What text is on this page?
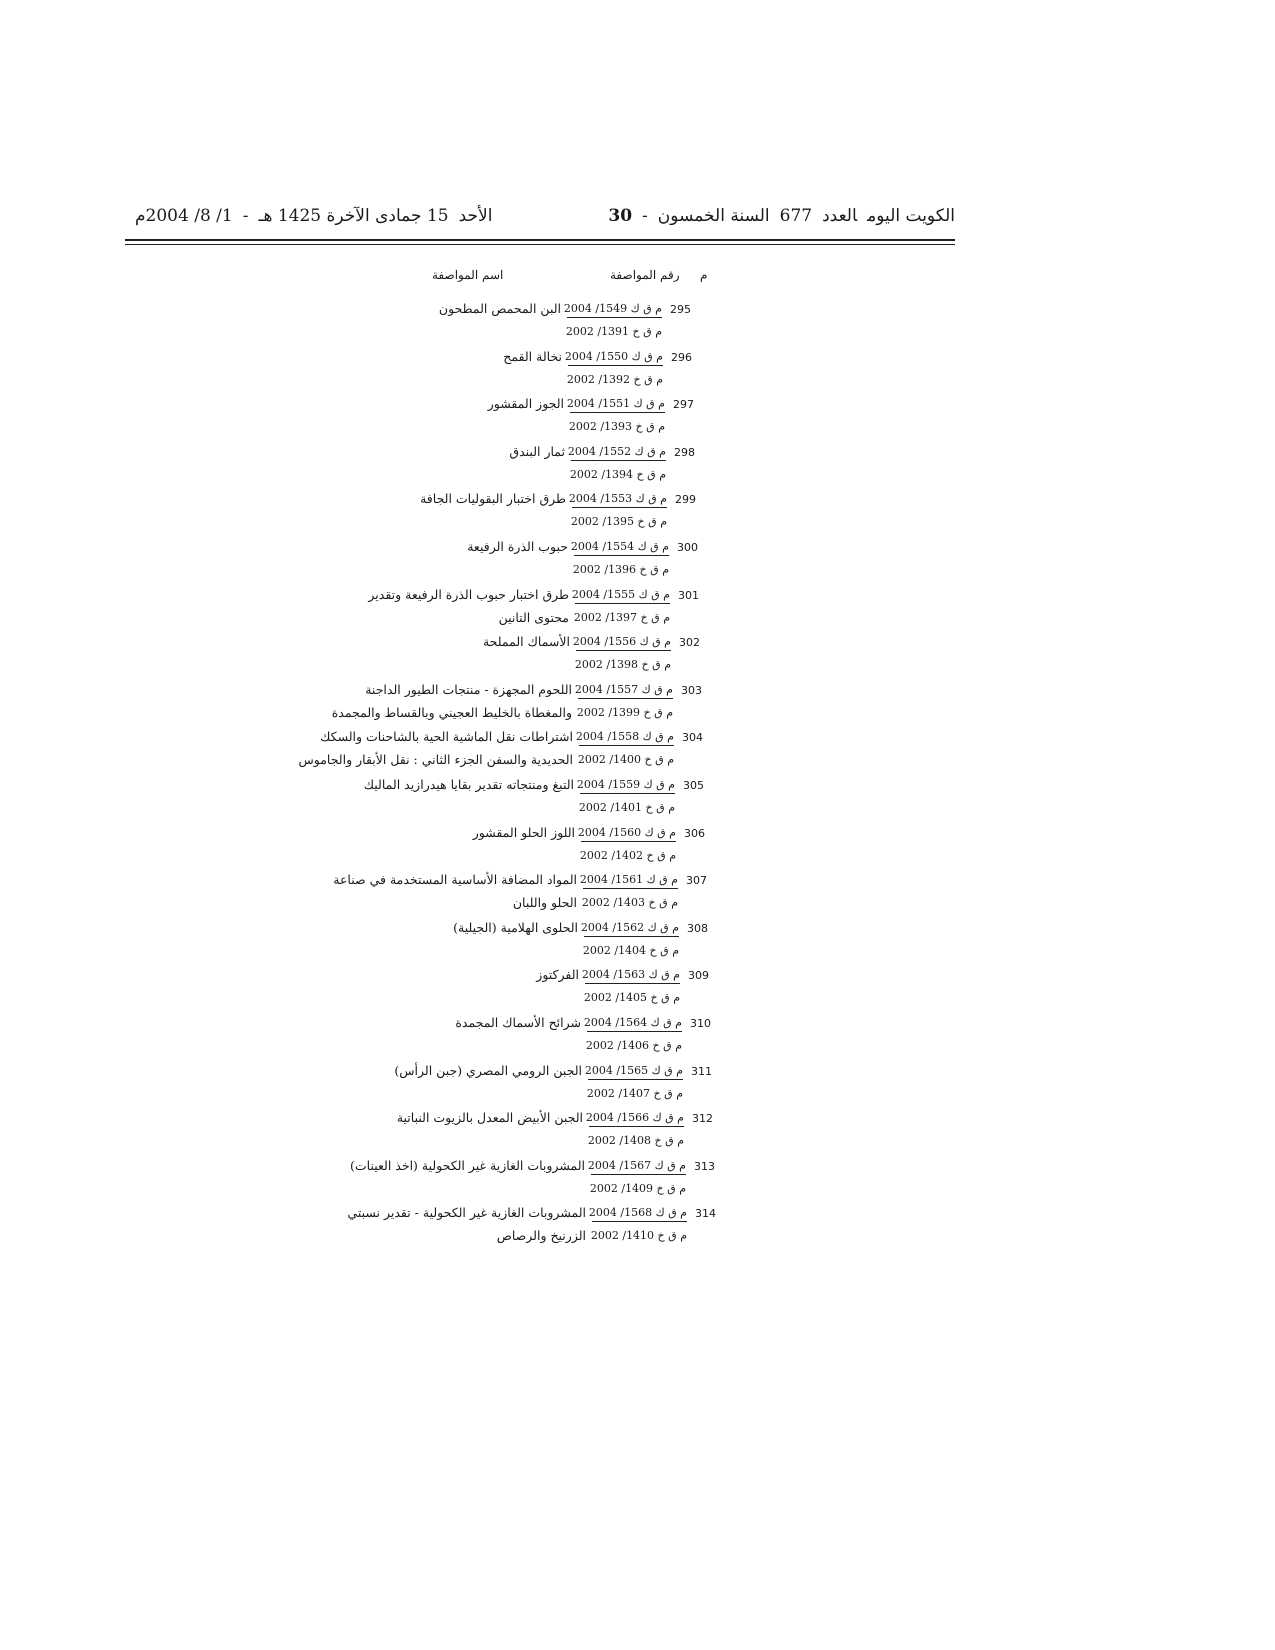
الكويت اليومالعدد677السنة الخمسون-30
الأحد15 جمادى الآخرة 1425 هـ-1/ 8/ 2004م
م
رقم المواصفة
اسم المواصفة
295
م ق ك 1549/ 2004
م ق خ 1391/ 2002
البن المحمص المطحون
296
م ق ك 1550/ 2004
م ق خ 1392/ 2002
نخالة القمح
297
م ق ك 1551/ 2004
م ق خ 1393/ 2002
الجوز المقشور
298
م ق ك 1552/ 2004
م ق خ 1394/ 2002
ثمار البندق
299
م ق ك 1553/ 2004
م ق خ 1395/ 2002
طرق اختبار البقوليات الجافة
300
م ق ك 1554/ 2004
م ق خ 1396/ 2002
حبوب الذرة الرفيعة
301
م ق ك 1555/ 2004
م ق خ 1397/ 2002
طرق اختبار حبوب الذرة الرفيعة وتقدير
محتوى التانين
302
م ق ك 1556/ 2004
م ق خ 1398/ 2002
الأسماك المملحة
303
م ق ك 1557/ 2004
م ق خ 1399/ 2002
اللحوم المجهزة - منتجات الطيور الداجنة
والمغطاة بالخليط العجيني وبالقساط والمجمدة
304
م ق ك 1558/ 2004
م ق خ 1400/ 2002
اشتراطات نقل الماشية الحية بالشاحنات والسكك
الحديدية والسفن الجزء الثاني : نقل الأبقار والجاموس
305
م ق ك 1559/ 2004
م ق خ 1401/ 2002
التبغ ومنتجاته تقدير بقايا هيدرازيد الماليك
306
م ق ك 1560/ 2004
م ق خ 1402/ 2002
اللوز الحلو المقشور
307
م ق ك 1561/ 2004
م ق خ 1403/ 2002
المواد المضافة الأساسية المستخدمة في صناعة
الحلو واللبان
308
م ق ك 1562/ 2004
م ق خ 1404/ 2002
الحلوى الهلامية (الجيلية)
309
م ق ك 1563/ 2004
م ق خ 1405/ 2002
الفركتوز
310
م ق ك 1564/ 2004
م ق خ 1406/ 2002
شرائح الأسماك المجمدة
311
م ق ك 1565/ 2004
م ق خ 1407/ 2002
الجبن الرومي المصري (جبن الرأس)
312
م ق ك 1566/ 2004
م ق خ 1408/ 2002
الجبن الأبيض المعدل بالزيوت النباتية
313
م ق ك 1567/ 2004
م ق خ 1409/ 2002
المشروبات الغازية غير الكحولية (اخذ العينات)
314
م ق ك 1568/ 2004
م ق خ 1410/ 2002
المشروبات الغازية غير الكحولية - تقدير نسبتي
الزرنيخ والرصاص
